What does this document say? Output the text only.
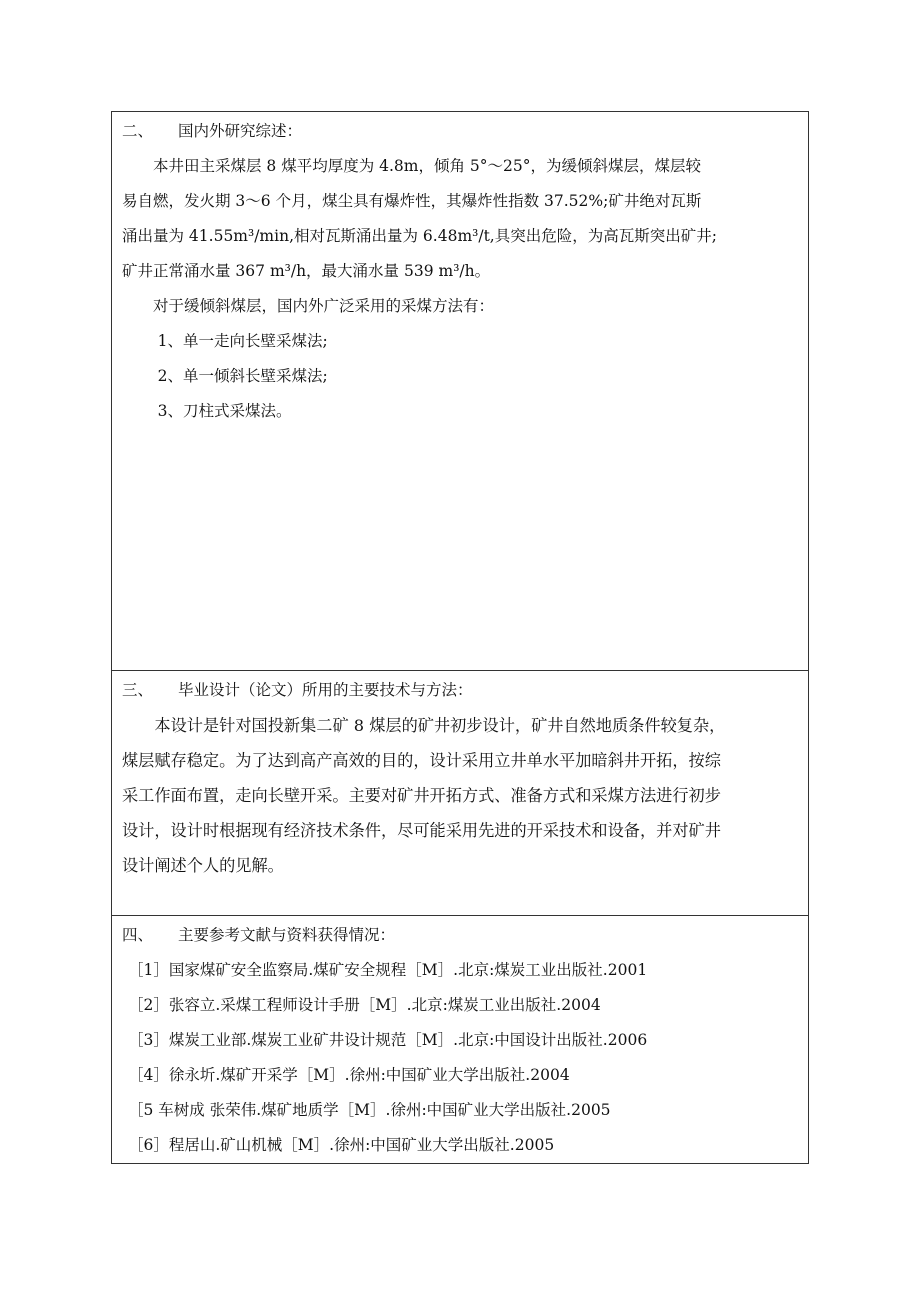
二、 国内外研究综述：
本井田主采煤层 8 煤平均厚度为 4.8m，倾角 5°～25°，为缓倾斜煤层，煤层较
易自燃，发火期 3～6 个月，煤尘具有爆炸性，其爆炸性指数 37.52%;矿井绝对瓦斯
涌出量为 41.55m³/min,相对瓦斯涌出量为 6.48m³/t,具突出危险，为高瓦斯突出矿井;
矿井正常涌水量 367 m³/h，最大涌水量 539 m³/h。
对于缓倾斜煤层，国内外广泛采用的采煤方法有：
1、单一走向长壁采煤法;
2、单一倾斜长壁采煤法;
3、刀柱式采煤法。

三、 毕业设计（论文）所用的主要技术与方法：
本设计是针对国投新集二矿 8 煤层的矿井初步设计，矿井自然地质条件较复杂，
煤层赋存稳定。为了达到高产高效的目的，设计采用立井单水平加暗斜井开拓，按综
采工作面布置，走向长壁开采。主要对矿井开拓方式、准备方式和采煤方法进行初步
设计，设计时根据现有经济技术条件，尽可能采用先进的开采技术和设备，并对矿井
设计阐述个人的见解。

四、 主要参考文献与资料获得情况：
［1］国家煤矿安全监察局.煤矿安全规程［M］.北京:煤炭工业出版社.2001
［2］张容立.采煤工程师设计手册［M］.北京:煤炭工业出版社.2004
［3］煤炭工业部.煤炭工业矿井设计规范［M］.北京:中国设计出版社.2006
［4］徐永圻.煤矿开采学［M］.徐州:中国矿业大学出版社.2004
［5 车树成 张荣伟.煤矿地质学［M］.徐州:中国矿业大学出版社.2005
［6］程居山.矿山机械［M］.徐州:中国矿业大学出版社.2005
